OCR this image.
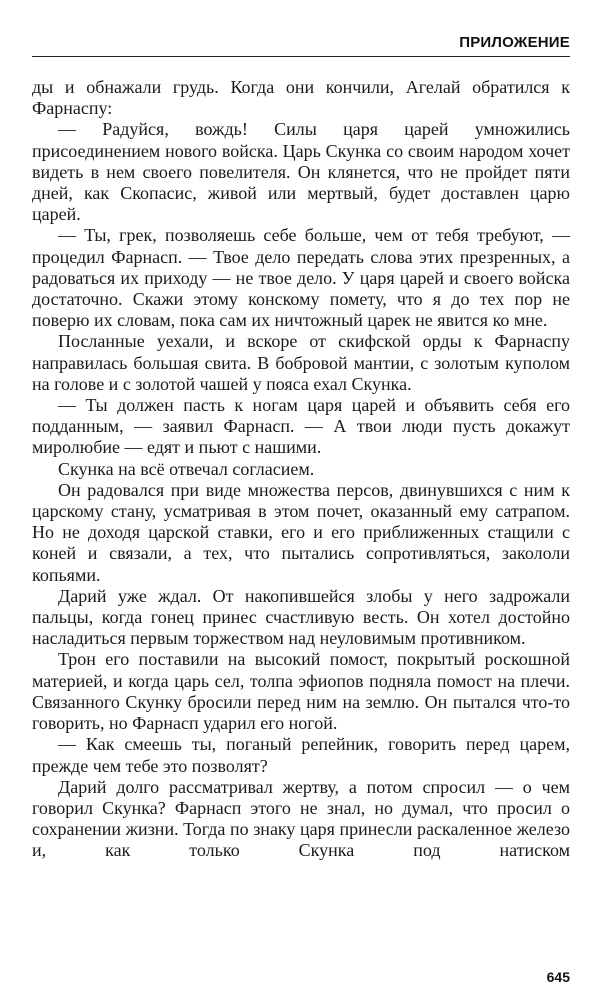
ПРИЛОЖЕНИЕ

ды и обнажали грудь. Когда они кончили, Агелай обратился к Фарнаспу:

— Радуйся, вождь! Силы царя царей умножились присоединением нового войска. Царь Скунка со своим народом хочет видеть в нем своего повелителя. Он клянется, что не пройдет пяти дней, как Скопасис, живой или мертвый, будет доставлен царю царей.

— Ты, грек, позволяешь себе больше, чем от тебя требуют, — процедил Фарнасп. — Твое дело передать слова этих презренных, а радоваться их приходу — не твое дело. У царя царей и своего войска достаточно. Скажи этому конскому помету, что я до тех пор не поверю их словам, пока сам их ничтожный царек не явится ко мне.

Посланные уехали, и вскоре от скифской орды к Фарнаспу направилась большая свита. В бобровой мантии, с золотым куполом на голове и с золотой чашей у пояса ехал Скунка.

— Ты должен пасть к ногам царя царей и объявить себя его подданным, — заявил Фарнасп. — А твои люди пусть докажут миролюбие — едят и пьют с нашими.

Скунка на всё отвечал согласием.

Он радовался при виде множества персов, двинувшихся с ним к царскому стану, усматривая в этом почет, оказанный ему сатрапом. Но не доходя царской ставки, его и его приближенных стащили с коней и связали, а тех, что пытались сопротивляться, закололи копьями.

Дарий уже ждал. От накопившейся злобы у него задрожали пальцы, когда гонец принес счастливую весть. Он хотел достойно насладиться первым торжеством над неуловимым противником.

Трон его поставили на высокий помост, покрытый роскошной материей, и когда царь сел, толпа эфиопов подняла помост на плечи. Связанного Скунку бросили перед ним на землю. Он пытался что-то говорить, но Фарнасп ударил его ногой.

— Как смеешь ты, поганый репейник, говорить перед царем, прежде чем тебе это позволят?

Дарий долго рассматривал жертву, а потом спросил — о чем говорил Скунка? Фарнасп этого не знал, но думал, что просил о сохранении жизни. Тогда по знаку царя принесли раскаленное железо и, как только Скунка под натиском

645
